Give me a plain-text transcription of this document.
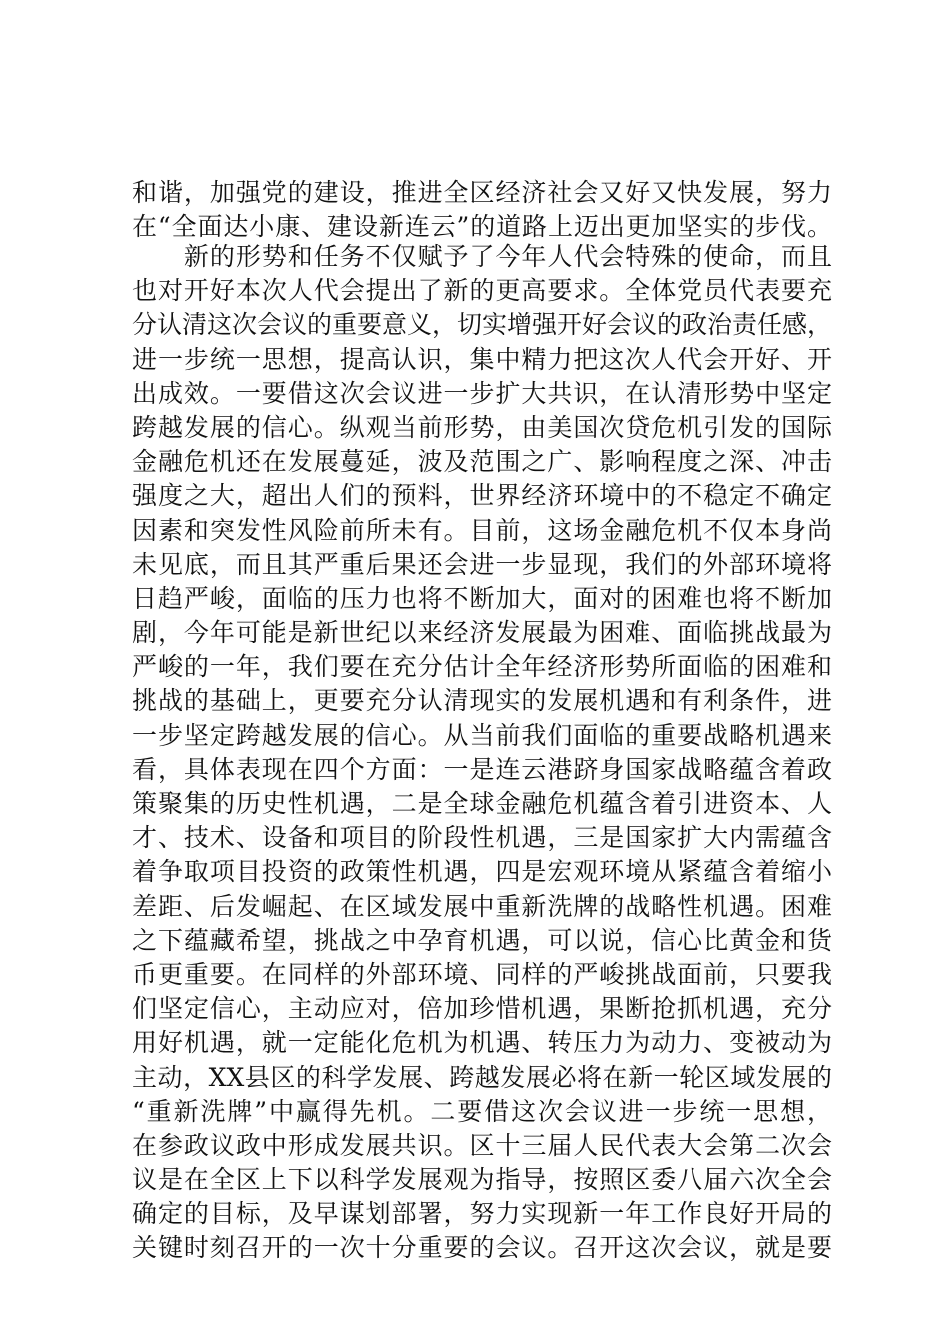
和谐，加强党的建设，推进全区经济社会又好又快发展，努力
在“全面达小康、建设新连云”的道路上迈出更加坚实的步伐。
　　新的形势和任务不仅赋予了今年人代会特殊的使命，而且
也对开好本次人代会提出了新的更高要求。全体党员代表要充
分认清这次会议的重要意义，切实增强开好会议的政治责任感，
进一步统一思想，提高认识，集中精力把这次人代会开好、开
出成效。一要借这次会议进一步扩大共识，在认清形势中坚定
跨越发展的信心。纵观当前形势，由美国次贷危机引发的国际
金融危机还在发展蔓延，波及范围之广、影响程度之深、冲击
强度之大，超出人们的预料，世界经济环境中的不稳定不确定
因素和突发性风险前所未有。目前，这场金融危机不仅本身尚
未见底，而且其严重后果还会进一步显现，我们的外部环境将
日趋严峻，面临的压力也将不断加大，面对的困难也将不断加
剧，今年可能是新世纪以来经济发展最为困难、面临挑战最为
严峻的一年，我们要在充分估计全年经济形势所面临的困难和
挑战的基础上，更要充分认清现实的发展机遇和有利条件，进
一步坚定跨越发展的信心。从当前我们面临的重要战略机遇来
看，具体表现在四个方面：一是连云港跻身国家战略蕴含着政
策聚集的历史性机遇，二是全球金融危机蕴含着引进资本、人
才、技术、设备和项目的阶段性机遇，三是国家扩大内需蕴含
着争取项目投资的政策性机遇，四是宏观环境从紧蕴含着缩小
差距、后发崛起、在区域发展中重新洗牌的战略性机遇。困难
之下蕴藏希望，挑战之中孕育机遇，可以说，信心比黄金和货
币更重要。在同样的外部环境、同样的严峻挑战面前，只要我
们坚定信心，主动应对，倍加珍惜机遇，果断抢抓机遇，充分
用好机遇，就一定能化危机为机遇、转压力为动力、变被动为
主动，XX县区的科学发展、跨越发展必将在新一轮区域发展的
“重新洗牌”中赢得先机。二要借这次会议进一步统一思想，
在参政议政中形成发展共识。区十三届人民代表大会第二次会
议是在全区上下以科学发展观为指导，按照区委八届六次全会
确定的目标，及早谋划部署，努力实现新一年工作良好开局的
关键时刻召开的一次十分重要的会议。召开这次会议，就是要
